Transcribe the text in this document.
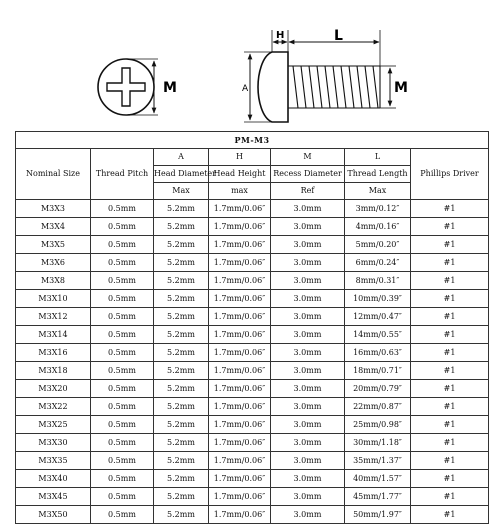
M
H	L
A	M
PM-M3						
Nominal Size	Thread Pitch	A	H	M	L	Phillips Driver
		Head Diameter	Head Height	Recess Diameter	Thread Length	
		Max	max	Ref	Max	
M3X3	0.5mm	5.2mm	1.7mm/0.06″	3.0mm	3mm/0.12″	#1
M3X4	0.5mm	5.2mm	1.7mm/0.06″	3.0mm	4mm/0.16″	#1
M3X5	0.5mm	5.2mm	1.7mm/0.06″	3.0mm	5mm/0.20″	#1
M3X6	0.5mm	5.2mm	1.7mm/0.06″	3.0mm	6mm/0.24″	#1
M3X8	0.5mm	5.2mm	1.7mm/0.06″	3.0mm	8mm/0.31″	#1
M3X10	0.5mm	5.2mm	1.7mm/0.06″	3.0mm	10mm/0.39″	#1
M3X12	0.5mm	5.2mm	1.7mm/0.06″	3.0mm	12mm/0.47″	#1
M3X14	0.5mm	5.2mm	1.7mm/0.06″	3.0mm	14mm/0.55″	#1
M3X16	0.5mm	5.2mm	1.7mm/0.06″	3.0mm	16mm/0.63″	#1
M3X18	0.5mm	5.2mm	1.7mm/0.06″	3.0mm	18mm/0.71″	#1
M3X20	0.5mm	5.2mm	1.7mm/0.06″	3.0mm	20mm/0.79″	#1
M3X22	0.5mm	5.2mm	1.7mm/0.06″	3.0mm	22mm/0.87″	#1
M3X25	0.5mm	5.2mm	1.7mm/0.06″	3.0mm	25mm/0.98″	#1
M3X30	0.5mm	5.2mm	1.7mm/0.06″	3.0mm	30mm/1.18″	#1
M3X35	0.5mm	5.2mm	1.7mm/0.06″	3.0mm	35mm/1.37″	#1
M3X40	0.5mm	5.2mm	1.7mm/0.06″	3.0mm	40mm/1.57″	#1
M3X45	0.5mm	5.2mm	1.7mm/0.06″	3.0mm	45mm/1.77″	#1
M3X50	0.5mm	5.2mm	1.7mm/0.06″	3.0mm	50mm/1.97″	#1
